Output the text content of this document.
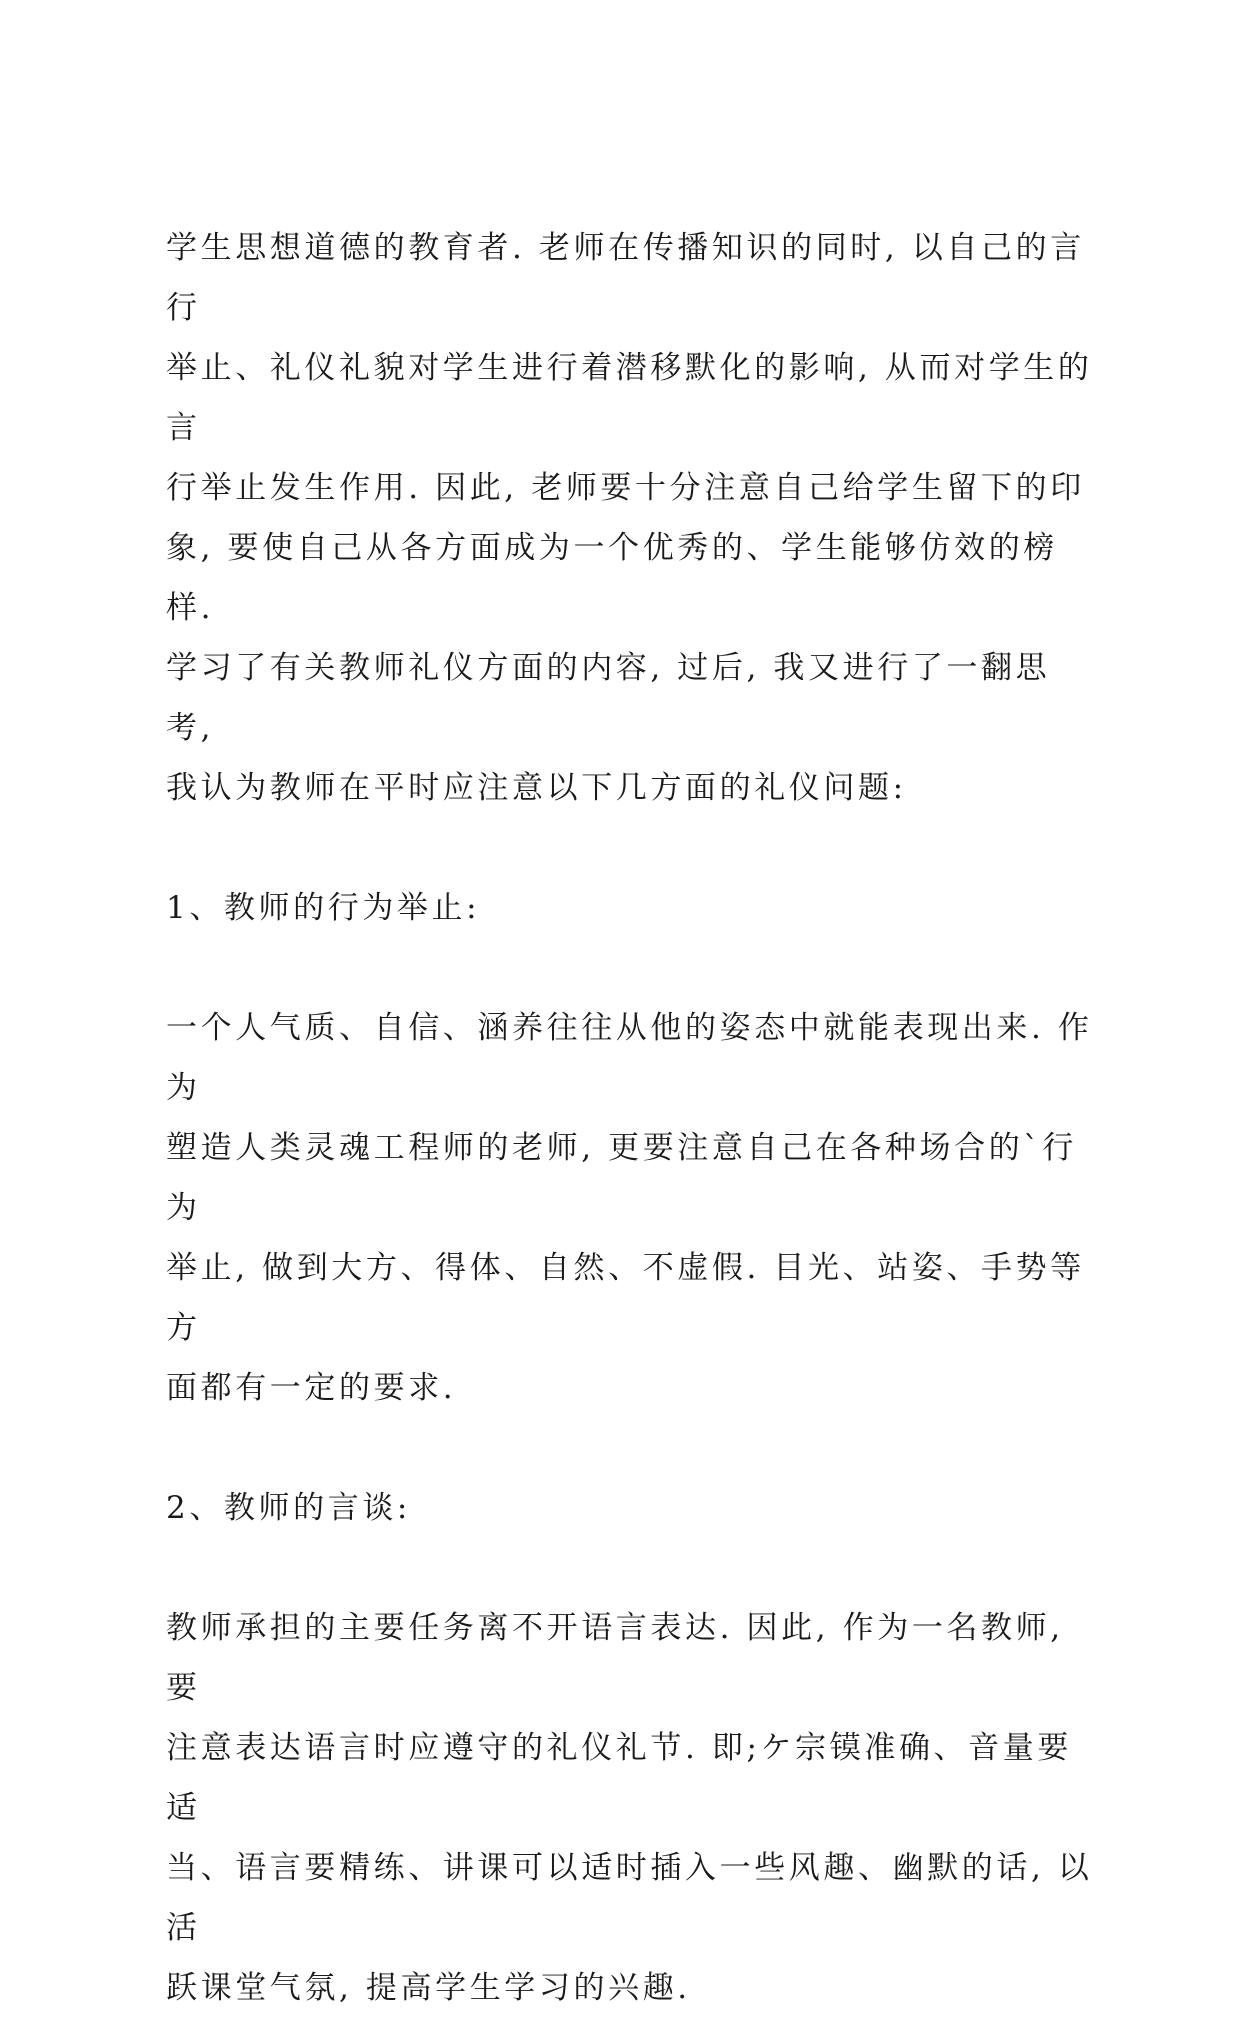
学生思想道德的教育者. 老师在传播知识的同时, 以自己的言行
举止、礼仪礼貌对学生进行着潜移默化的影响, 从而对学生的言
行举止发生作用. 因此, 老师要十分注意自己给学生留下的印
象, 要使自己从各方面成为一个优秀的、学生能够仿效的榜样.
学习了有关教师礼仪方面的内容, 过后, 我又进行了一翻思考,
我认为教师在平时应注意以下几方面的礼仪问题:

1、教师的行为举止:

一个人气质、自信、涵养往往从他的姿态中就能表现出来. 作为
塑造人类灵魂工程师的老师, 更要注意自己在各种场合的`行为
举止, 做到大方、得体、自然、不虚假. 目光、站姿、手势等方
面都有一定的要求.

2、教师的言谈:

教师承担的主要任务离不开语言表达. 因此, 作为一名教师, 要
注意表达语言时应遵守的礼仪礼节. 即;ケ宗镆准确、音量要适
当、语言要精练、讲课可以适时插入一些风趣、幽默的话, 以活
跃课堂气氛, 提高学生学习的兴趣.
